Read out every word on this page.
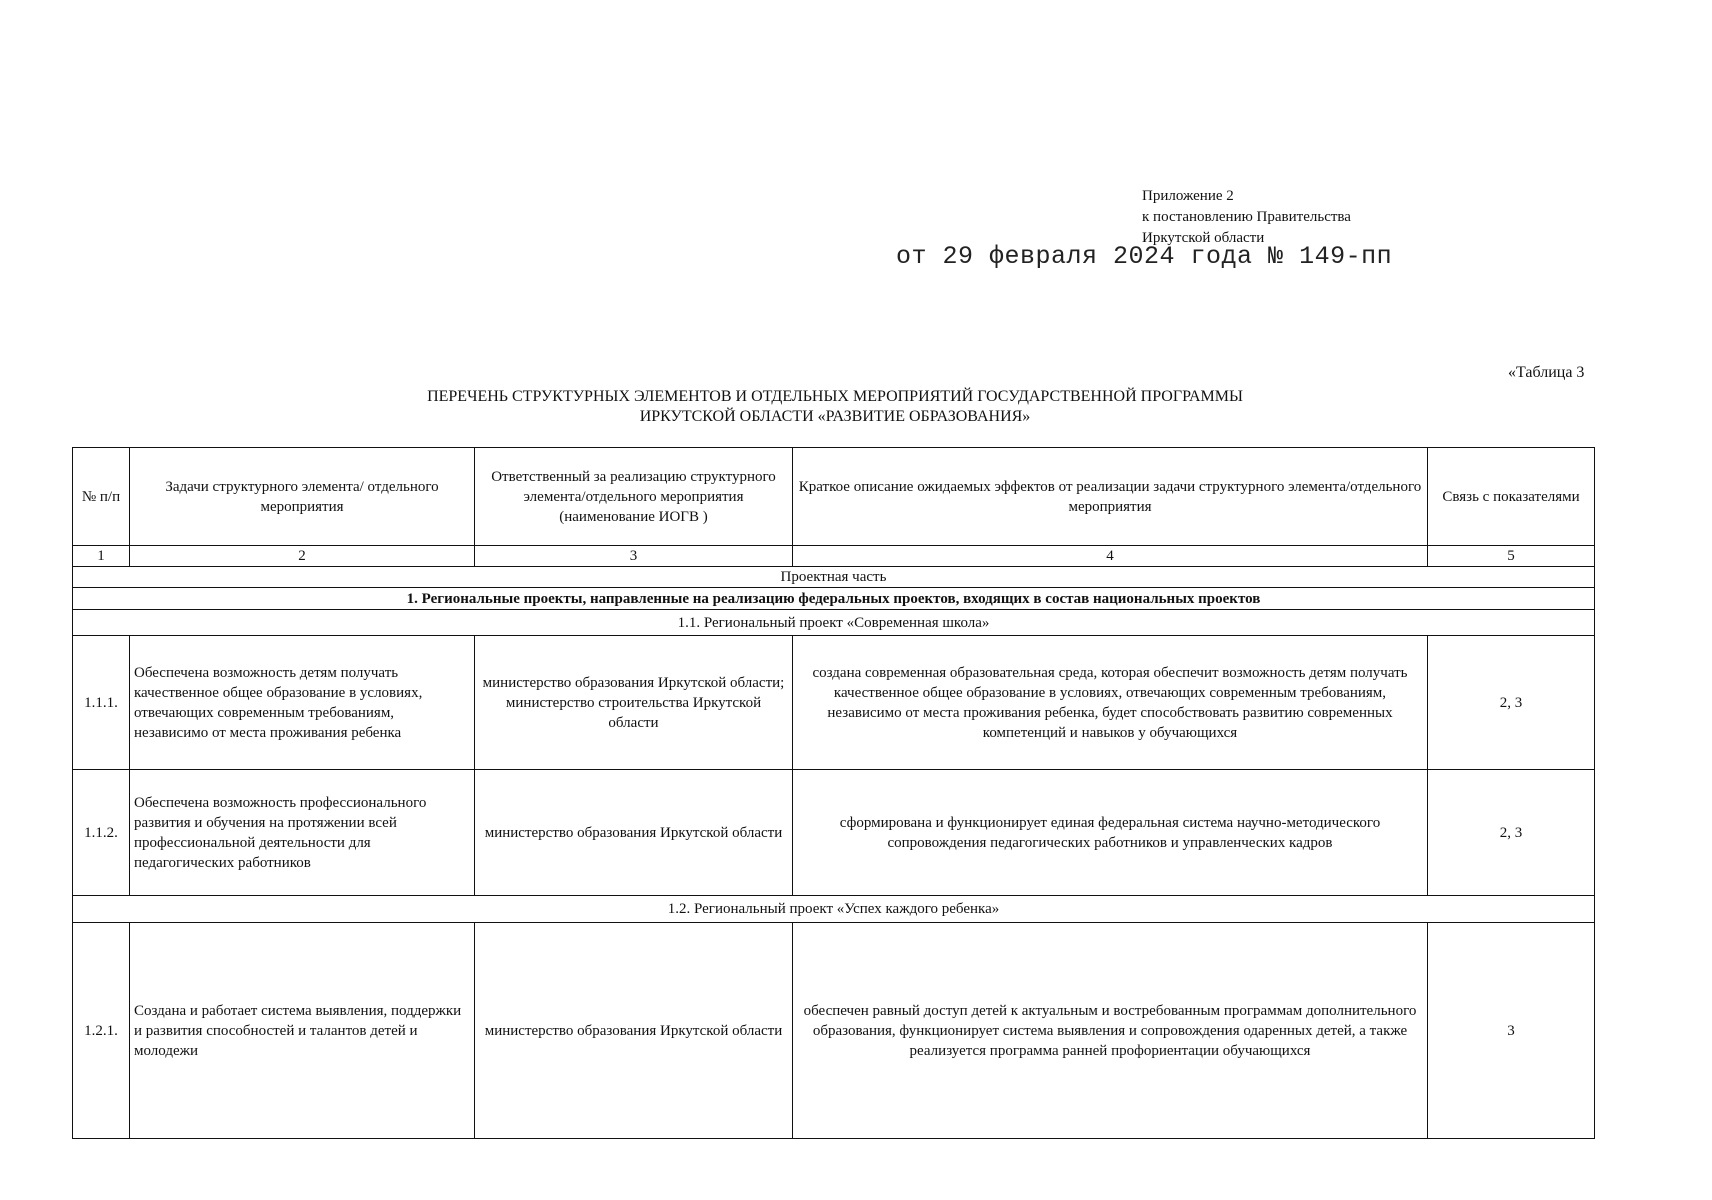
Приложение 2
к постановлению Правительства
Иркутской области
от 29 февраля 2024 года № 149-пп
«Таблица 3
ПЕРЕЧЕНЬ СТРУКТУРНЫХ ЭЛЕМЕНТОВ И ОТДЕЛЬНЫХ МЕРОПРИЯТИЙ ГОСУДАРСТВЕННОЙ ПРОГРАММЫ
ИРКУТСКОЙ ОБЛАСТИ «РАЗВИТИЕ ОБРАЗОВАНИЯ»
№ п/п	Задачи структурного элемента/ отдельного мероприятия	Ответственный за реализацию структурного элемента/отдельного мероприятия (наименование ИОГВ )	Краткое описание ожидаемых эффектов от реализации задачи структурного элемента/отдельного мероприятия	Связь с показателями
1	2	3	4	5
Проектная часть				
1. Региональные проекты, направленные на реализацию федеральных проектов, входящих в состав национальных проектов				
1.1. Региональный проект «Современная школа»				
1.1.1.	Обеспечена возможность детям получать качественное общее образование в условиях, отвечающих современным требованиям, независимо от места проживания ребенка	министерство образования Иркутской области; министерство строительства Иркутской области	создана современная образовательная среда, которая обеспечит возможность детям получать качественное общее образование в условиях, отвечающих современным требованиям, независимо от места проживания ребенка, будет способствовать развитию современных компетенций и навыков у обучающихся	2, 3
1.1.2.	Обеспечена возможность профессионального развития и обучения на протяжении всей профессиональной деятельности для педагогических работников	министерство образования Иркутской области	сформирована и функционирует единая федеральная система научно-методического сопровождения педагогических работников и управленческих кадров	2, 3
1.2. Региональный проект «Успех каждого ребенка»				
1.2.1.	Создана и работает система выявления, поддержки и развития способностей и талантов детей и молодежи	министерство образования Иркутской области	обеспечен равный доступ детей к актуальным и востребованным программам дополнительного образования, функционирует система выявления и сопровождения одаренных детей, а также реализуется программа ранней профориентации обучающихся	3
